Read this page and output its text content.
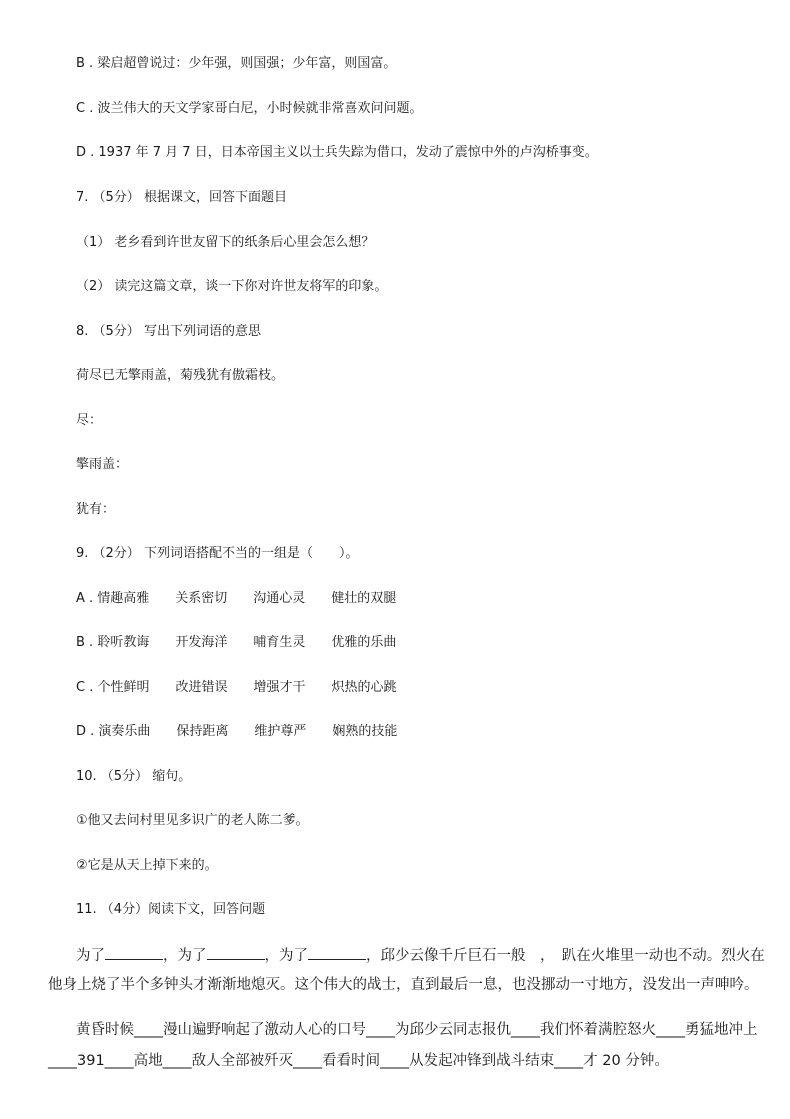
B . 梁启超曾说过：少年强，则国强；少年富，则国富。
C . 波兰伟大的天文学家哥白尼，小时候就非常喜欢问问题。
D . 1937 年 7 月 7 日，日本帝国主义以士兵失踪为借口，发动了震惊中外的卢沟桥事变。
7. （5分） 根据课文，回答下面题目
（1） 老乡看到许世友留下的纸条后心里会怎么想？
（2） 读完这篇文章，谈一下你对许世友将军的印象。
8. （5分） 写出下列词语的意思
荷尽已无擎雨盖，菊残犹有傲霜枝。
尽：
擎雨盖：
犹有：
9. （2分） 下列词语搭配不当的一组是（　　）。
A . 情趣高雅　　关系密切　　沟通心灵　　健壮的双腿
B . 聆听教诲　　开发海洋　　哺育生灵　　优雅的乐曲
C . 个性鲜明　　改进错误　　增强才干　　炽热的心跳
D . 演奏乐曲　　保持距离　　维护尊严　　娴熟的技能
10. （5分） 缩句。
①他又去问村里见多识广的老人陈二爹。
②它是从天上掉下来的。
11. （4分）阅读下文，回答问题
为了	，为了	，为了	，邱少云像千斤巨石一般　，　趴在火堆里一动也不动。烈火在
他身上烧了半个多钟头才渐渐地熄灭。这个伟大的战士，直到最后一息，也没挪动一寸地方，没发出一声呻吟。
黄昏时候____漫山遍野响起了激动人心的口号____为邱少云同志报仇____我们怀着满腔怒火____勇猛地冲上
____391____高地____敌人全部被歼灭____看看时间____从发起冲锋到战斗结束____才 20 分钟。
